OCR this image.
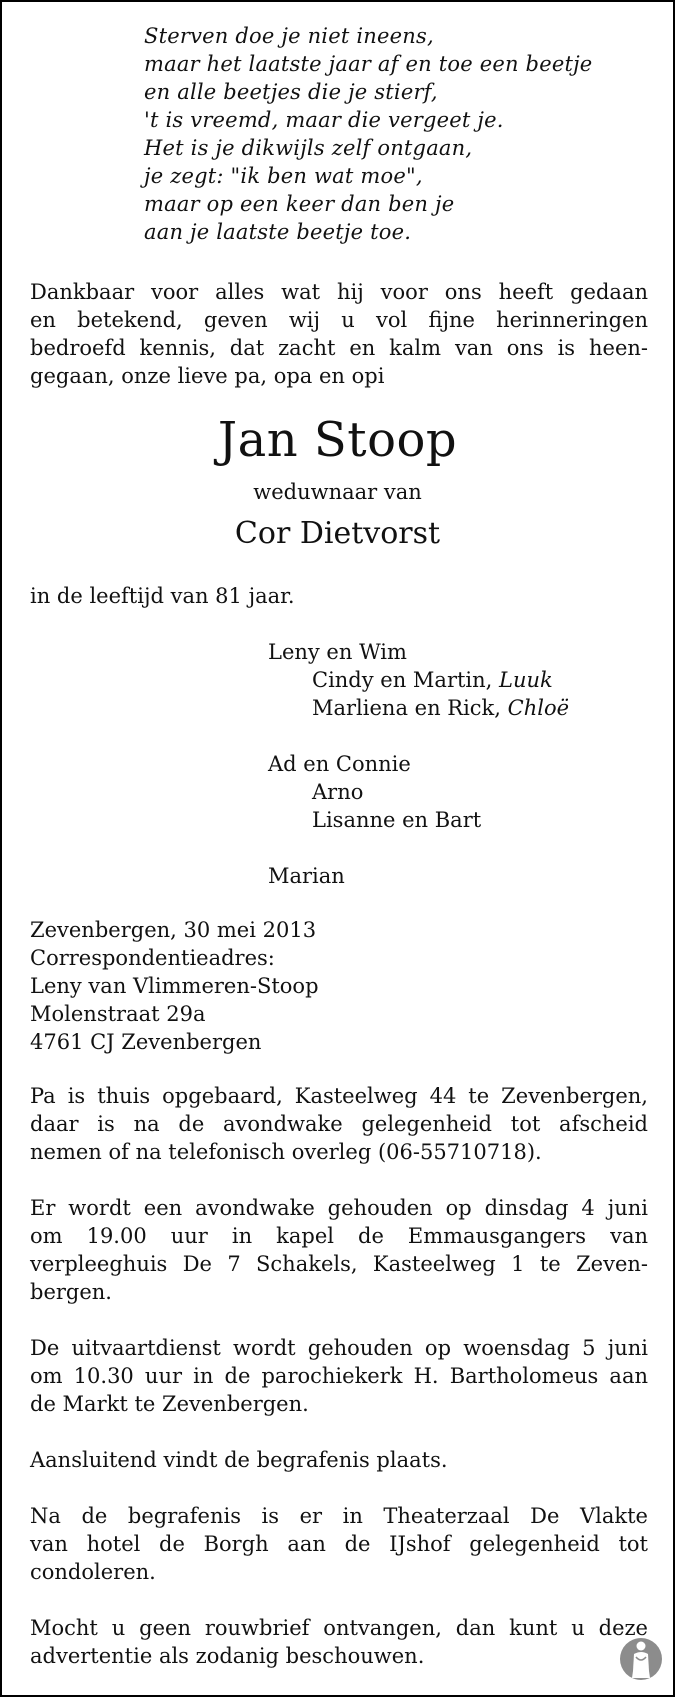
Sterven doe je niet ineens,
maar het laatste jaar af en toe een beetje
en alle beetjes die je stierf,
't is vreemd, maar die vergeet je.
Het is je dikwijls zelf ontgaan,
je zegt: "ik ben wat moe",
maar op een keer dan ben je
aan je laatste beetje toe.
Dankbaar voor alles wat hij voor ons heeft gedaan
en betekend, geven wij u vol fijne herinneringen
bedroefd kennis, dat zacht en kalm van ons is heen-
gegaan, onze lieve pa, opa en opi
Jan Stoop
weduwnaar van
Cor Dietvorst
in de leeftijd van 81 jaar.
Leny en Wim
Cindy en Martin, Luuk
Marliena en Rick, Chloë
Ad en Connie
Arno
Lisanne en Bart
Marian
Zevenbergen, 30 mei 2013
Correspondentieadres:
Leny van Vlimmeren-Stoop
Molenstraat 29a
4761 CJ Zevenbergen
Pa is thuis opgebaard, Kasteelweg 44 te Zevenbergen,
daar is na de avondwake gelegenheid tot afscheid
nemen of na telefonisch overleg (06-55710718).
Er wordt een avondwake gehouden op dinsdag 4 juni
om 19.00 uur in kapel de Emmausgangers van
verpleeghuis De 7 Schakels, Kasteelweg 1 te Zeven-
bergen.
De uitvaartdienst wordt gehouden op woensdag 5 juni
om 10.30 uur in de parochiekerk H. Bartholomeus aan
de Markt te Zevenbergen.
Aansluitend vindt de begrafenis plaats.
Na de begrafenis is er in Theaterzaal De Vlakte
van hotel de Borgh aan de IJshof gelegenheid tot
condoleren.
Mocht u geen rouwbrief ontvangen, dan kunt u deze
advertentie als zodanig beschouwen.
